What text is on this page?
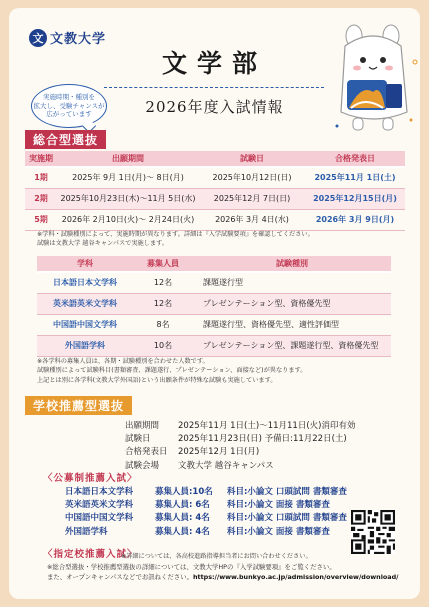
文 文教大学
文学部
2026年度入試情報
実施時期・種別を
拡大し、受験チャンスが
広がっています
総合型選抜
実施期	出願期間	試験日	合格発表日
1期	2025年 9月 1日(月)〜 8日(月)	2025年10月12日(日)	2025年11月 1日(土)
2期	2025年10月23日(木)〜11月 5日(水)	2025年12月 7日(日)	2025年12月15日(月)
5期	2026年 2月10日(火)〜 2月24日(火)	2026年 3月 4日(水)	2026年 3月 9日(月)
※学科・試験種別によって、実施時期が異なります。詳細は『入学試験要項』を確認してください。
試験は文教大学 越谷キャンパスで実施します。
学科	募集人員	試験種別
日本語日本文学科	12名	課題遂行型
英米語英米文学科	12名	プレゼンテーション型、資格優先型
中国語中国文学科	8名	課題遂行型、資格優先型、適性評価型
外国語学科	10名	プレゼンテーション型、課題遂行型、資格優先型
※各学科の募集人員は、各期・試験種別を合わせた人数です。
試験種別によって試験科目(書類審査、課題遂行、プレゼンテーション、面接など)が異なります。
上記とは別に各学科(文教大学外国語)という出願条件が特殊な試験も実施しています。
学校推薦型選抜
出願期間	2025年11月 1日(土)〜11月11日(火)消印有効
試験日	2025年11月23日(日) 予備日:11月22日(土)
合格発表日 2025年12月 1日(月)
試験会場	文教大学 越谷キャンパス
〈公募制推薦入試〉
日本語日本文学科	募集人員:10名	科目:小論文 口頭試問 書類審査
英米語英米文学科	募集人員: 6名	科目:小論文 面接 書類審査
中国語中国文学科	募集人員: 4名	科目:小論文 口頭試問 書類審査
外国語学科	募集人員: 4名	科目:小論文 面接 書類審査
〈指定校推薦入試〉
※詳細については、各高校進路指導担当者にお問い合わせください。
※総合型選抜・学校推薦型選抜の詳細については、文教大学HPの『入学試験要項』をご覧ください。
また、オープンキャンパスなどでお訊ねください。https://www.bunkyo.ac.jp/admission/overview/download/
